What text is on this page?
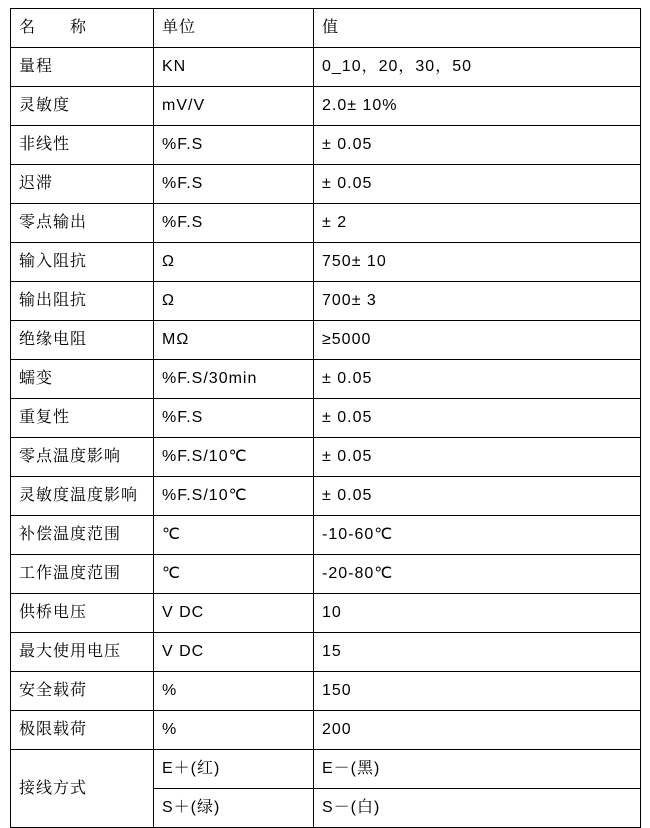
名　　称	单位	值
量程	KN	0_10，20，30，50
灵敏度	mV/V	2.0± 10%
非线性	%F.S	± 0.05
迟滞	%F.S	± 0.05
零点输出	%F.S	± 2
输入阻抗	Ω	750± 10
输出阻抗	Ω	700± 3
绝缘电阻	MΩ	≥5000
蠕变	%F.S/30min	± 0.05
重复性	%F.S	± 0.05
零点温度影响	%F.S/10℃	± 0.05
灵敏度温度影响	%F.S/10℃	± 0.05
补偿温度范围	℃	-10-60℃
工作温度范围	℃	-20-80℃
供桥电压	V DC	10
最大使用电压	V DC	15
安全载荷	%	150
极限载荷	%	200
接线方式	E＋(红)	E－(黑)
	S＋(绿)	S－(白)
